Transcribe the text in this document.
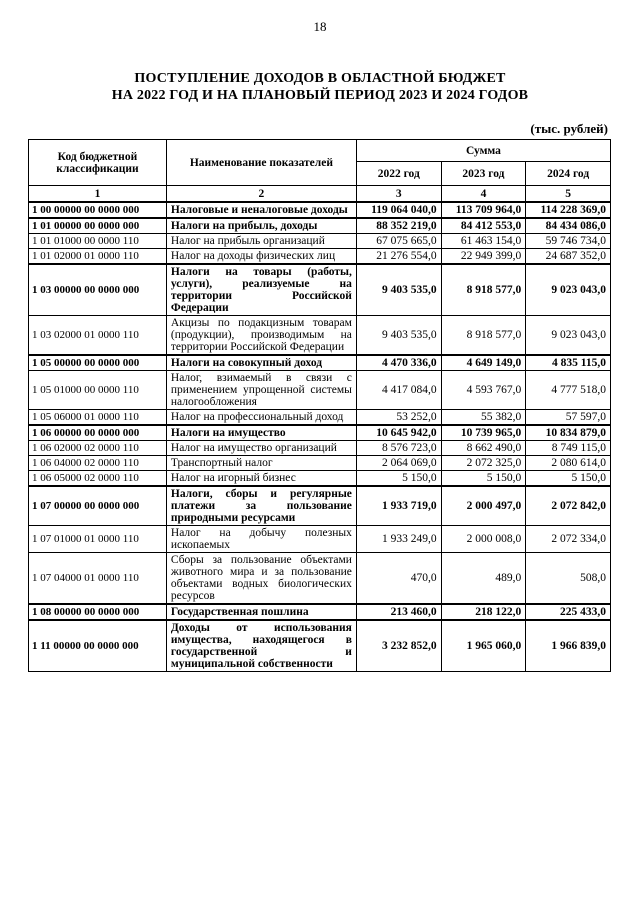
18
ПОСТУПЛЕНИЕ ДОХОДОВ В ОБЛАСТНОЙ БЮДЖЕТ
НА 2022 ГОД И НА ПЛАНОВЫЙ ПЕРИОД 2023 И 2024 ГОДОВ
(тыс. рублей)
Код бюджетной классификации	Наименование показателей	Сумма		
		2022 год	2023 год	2024 год
1	2	3	4	5
1 00 00000 00 0000 000	Налоговые и неналоговые доходы	119 064 040,0	113 709 964,0	114 228 369,0
1 01 00000 00 0000 000	Налоги на прибыль, доходы	88 352 219,0	84 412 553,0	84 434 086,0
1 01 01000 00 0000 110	Налог на прибыль организаций	67 075 665,0	61 463 154,0	59 746 734,0
1 01 02000 01 0000 110	Налог на доходы физических лиц	21 276 554,0	22 949 399,0	24 687 352,0
1 03 00000 00 0000 000	Налоги на товары (работы, услуги), реализуемые на территории Российской Федерации	9 403 535,0	8 918 577,0	9 023 043,0
1 03 02000 01 0000 110	Акцизы по подакцизным товарам (продукции), производимым на территории Российской Федерации	9 403 535,0	8 918 577,0	9 023 043,0
1 05 00000 00 0000 000	Налоги на совокупный доход	4 470 336,0	4 649 149,0	4 835 115,0
1 05 01000 00 0000 110	Налог, взимаемый в связи с применением упрощенной системы налогообложения	4 417 084,0	4 593 767,0	4 777 518,0
1 05 06000 01 0000 110	Налог на профессиональный доход	53 252,0	55 382,0	57 597,0
1 06 00000 00 0000 000	Налоги на имущество	10 645 942,0	10 739 965,0	10 834 879,0
1 06 02000 02 0000 110	Налог на имущество организаций	8 576 723,0	8 662 490,0	8 749 115,0
1 06 04000 02 0000 110	Транспортный налог	2 064 069,0	2 072 325,0	2 080 614,0
1 06 05000 02 0000 110	Налог на игорный бизнес	5 150,0	5 150,0	5 150,0
1 07 00000 00 0000 000	Налоги, сборы и регулярные платежи за пользование природными ресурсами	1 933 719,0	2 000 497,0	2 072 842,0
1 07 01000 01 0000 110	Налог на добычу полезных ископаемых	1 933 249,0	2 000 008,0	2 072 334,0
1 07 04000 01 0000 110	Сборы за пользование объектами животного мира и за пользование объектами водных биологических ресурсов	470,0	489,0	508,0
1 08 00000 00 0000 000	Государственная пошлина	213 460,0	218 122,0	225 433,0
1 11 00000 00 0000 000	Доходы от использования имущества, находящегося в государственной и муниципальной собственности	3 232 852,0	1 965 060,0	1 966 839,0
